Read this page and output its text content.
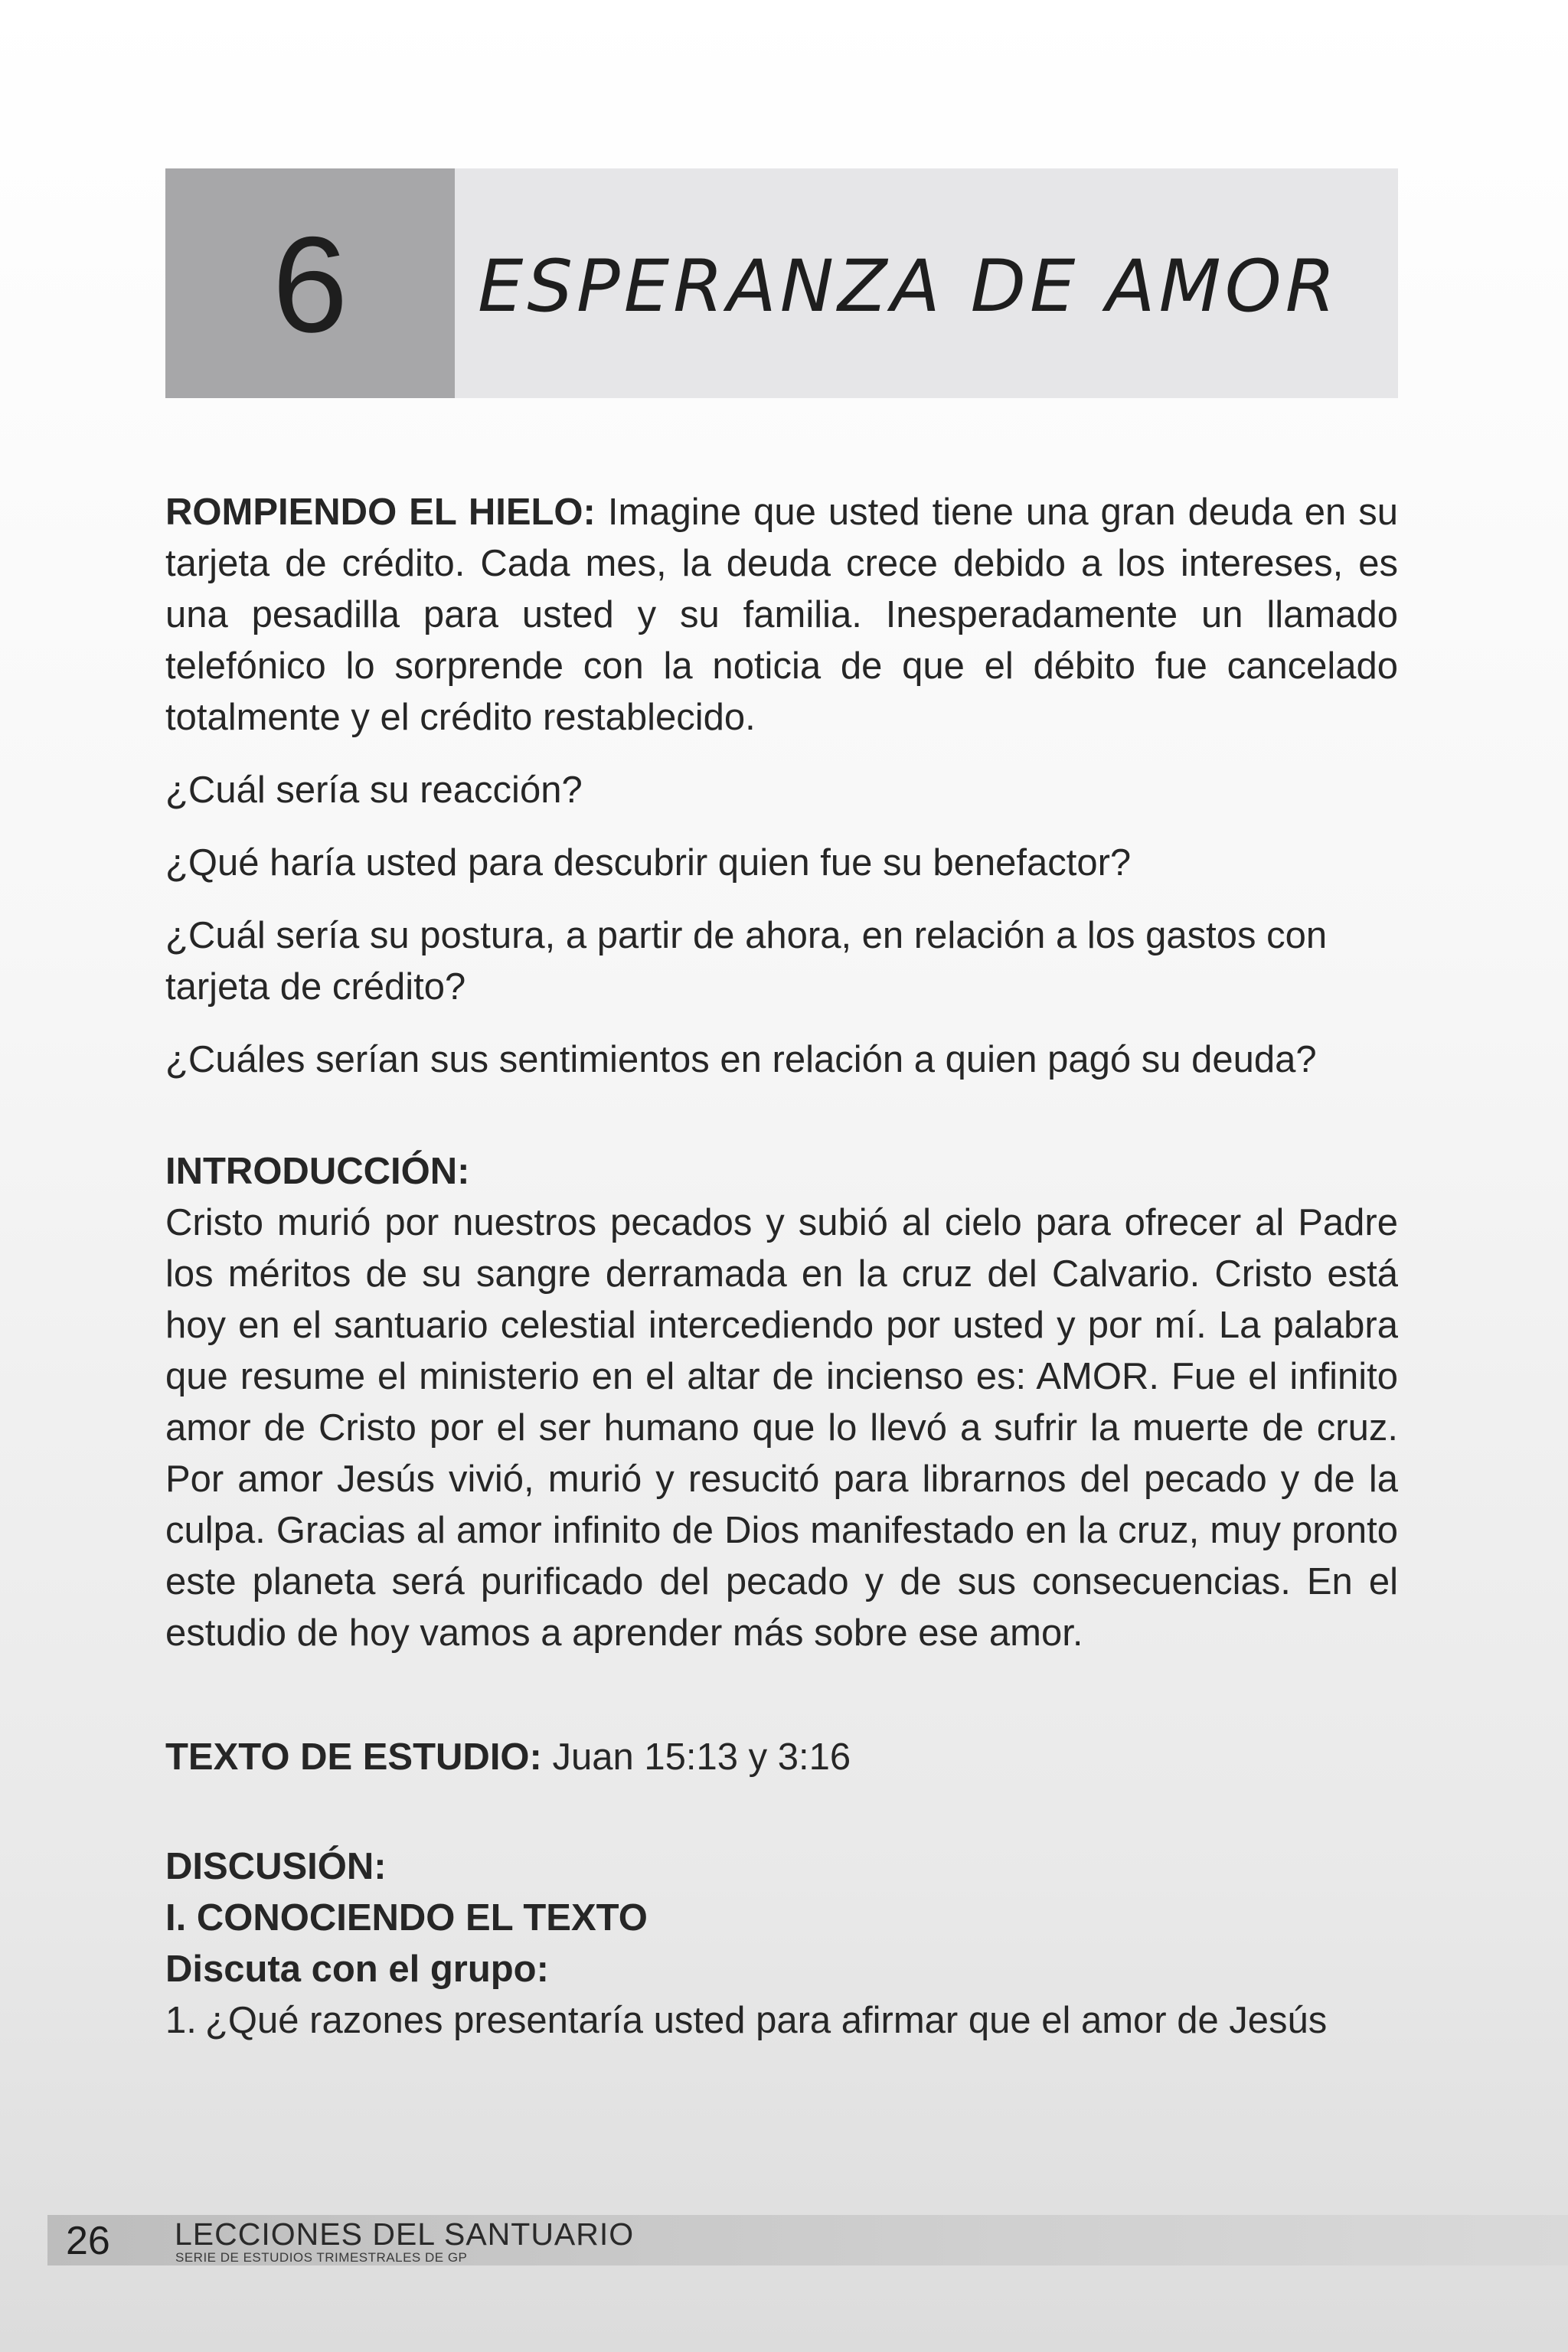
6 ESPERANZA DE AMOR

ROMPIENDO EL HIELO: Imagine que usted tiene una gran deuda en su tarjeta de crédito. Cada mes, la deuda crece debido a los intereses, es una pesadilla para usted y su familia. Inesperadamente un llamado telefónico lo sorprende con la noticia de que el débito fue cancelado totalmente y el crédito restablecido.

¿Cuál sería su reacción?

¿Qué haría usted para descubrir quien fue su benefactor?

¿Cuál sería su postura, a partir de ahora, en relación a los gastos con tarjeta de crédito?

¿Cuáles serían sus sentimientos en relación a quien pagó su deuda?

INTRODUCCIÓN:

Cristo murió por nuestros pecados y subió al cielo para ofrecer al Padre los méritos de su sangre derramada en la cruz del Calvario. Cristo está hoy en el santuario celestial intercediendo por usted y por mí. La palabra que resume el ministerio en el altar de incienso es: AMOR. Fue el infinito amor de Cristo por el ser humano que lo llevó a sufrir la muerte de cruz. Por amor Jesús vivió, murió y resucitó para librarnos del pecado y de la culpa. Gracias al amor infinito de Dios manifestado en la cruz, muy pronto este planeta será purificado del pecado y de sus consecuencias. En el estudio de hoy vamos a aprender más sobre ese amor.

TEXTO DE ESTUDIO: Juan 15:13 y 3:16

DISCUSIÓN:

I. CONOCIENDO EL TEXTO

Discuta con el grupo:

1. ¿Qué razones presentaría usted para afirmar que el amor de Jesús
26 LECCIONES DEL SANTUARIO
SERIE DE ESTUDIOS TRIMESTRALES DE GP
